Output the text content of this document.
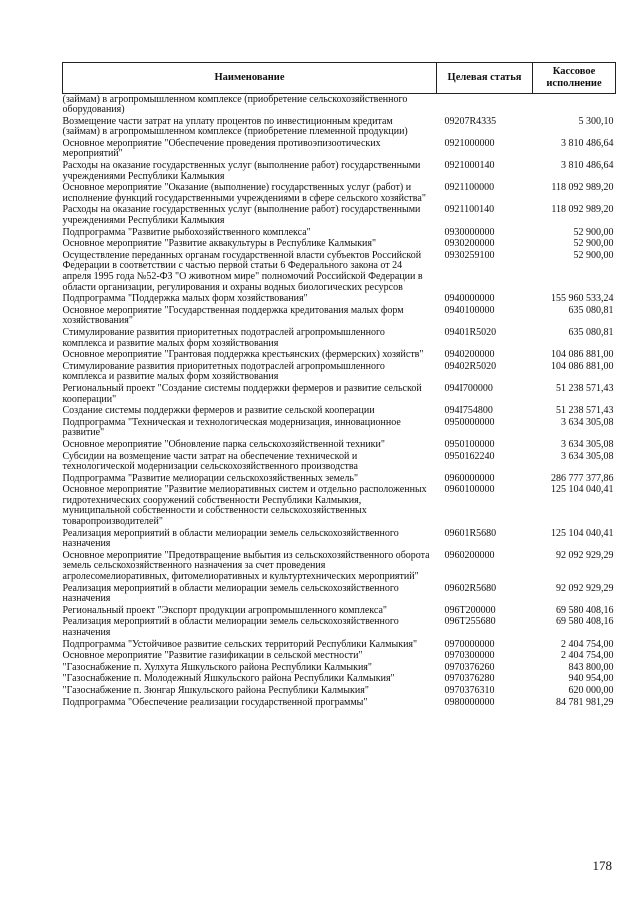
Наименование	Целевая статья	Кассовое исполнение
(займам) в агропромышленном комплексе (приобретение сельскохозяйственного оборудования)		
Возмещение части затрат на уплату процентов по инвестиционным кредитам (займам) в агропромышленном комплексе (приобретение племенной продукции)	09207R4335	5 300,10
Основное мероприятие "Обеспечение проведения противоэпизоотических мероприятий"	0921000000	3 810 486,64
Расходы на оказание государственных услуг (выполнение работ) государственными учреждениями Республики Калмыкия	0921000140	3 810 486,64
Основное мероприятие "Оказание (выполнение) государственных услуг (работ) и исполнение функций государственными учреждениями в сфере сельского хозяйства"	0921100000	118 092 989,20
Расходы на оказание государственных услуг (выполнение работ) государственными учреждениями Республики Калмыкия	0921100140	118 092 989,20
Подпрограмма "Развитие рыбохозяйственного комплекса"	0930000000	52 900,00
Основное мероприятие "Развитие аквакультуры в Республике Калмыкия"	0930200000	52 900,00
Осуществление переданных органам государственной власти субъектов Российской Федерации в соответствии с частью первой статьи 6 Федерального закона от 24 апреля 1995 года №52-ФЗ "О животном мире" полномочий Российской Федерации в области организации, регулирования и охраны водных биологических ресурсов	0930259100	52 900,00
Подпрограмма "Поддержка малых форм хозяйствования"	0940000000	155 960 533,24
Основное мероприятие "Государственная поддержка кредитования малых форм хозяйствования"	0940100000	635 080,81
Стимулирование развития приоритетных подотраслей агропромышленного комплекса и развитие малых форм хозяйствования	09401R5020	635 080,81
Основное мероприятие "Грантовая поддержка крестьянских (фермерских) хозяйств"	0940200000	104 086 881,00
Стимулирование развития приоритетных подотраслей агропромышленного комплекса и развитие малых форм хозяйствования	09402R5020	104 086 881,00
Региональный проект "Создание системы поддержки фермеров и развитие сельской кооперации"	094I700000	51 238 571,43
Создание системы поддержки фермеров и развитие сельской кооперации	094I754800	51 238 571,43
Подпрограмма "Техническая и технологическая модернизация, инновационное развитие"	0950000000	3 634 305,08
Основное мероприятие "Обновление парка сельскохозяйственной техники"	0950100000	3 634 305,08
Субсидии на возмещение части затрат на обеспечение технической и технологической модернизации сельскохозяйственного производства	0950162240	3 634 305,08
Подпрограмма "Развитие мелиорации сельскохозяйственных земель"	0960000000	286 777 377,86
Основное мероприятие "Развитие мелиоративных систем и отдельно расположенных гидротехнических сооружений собственности Республики Калмыкия, муниципальной собственности и собственности сельскохозяйственных товаропроизводителей"	0960100000	125 104 040,41
Реализация мероприятий в области мелиорации земель сельскохозяйственного назначения	09601R5680	125 104 040,41
Основное мероприятие "Предотвращение выбытия из сельскохозяйственного оборота земель сельскохозяйственного назначения за счет проведения агролесомелиоративных, фитомелиоративных и культуртехнических мероприятий"	0960200000	92 092 929,29
Реализация мероприятий в области мелиорации земель сельскохозяйственного назначения	09602R5680	92 092 929,29
Региональный проект "Экспорт продукции агропромышленного комплекса"	096T200000	69 580 408,16
Реализация мероприятий в области мелиорации земель сельскохозяйственного назначения	096T255680	69 580 408,16
Подпрограмма "Устойчивое развитие сельских территорий Республики Калмыкия"	0970000000	2 404 754,00
Основное мероприятие "Развитие газификации в сельской местности"	0970300000	2 404 754,00
"Газоснабжение п. Хулхута Яшкульского района Республики Калмыкия"	0970376260	843 800,00
"Газоснабжение п. Молодежный Яшкульского района Республики Калмыкия"	0970376280	940 954,00
"Газоснабжение п. Зюнгар Яшкульского района Республики Калмыкия"	0970376310	620 000,00
Подпрограмма "Обеспечение реализации государственной программы"	0980000000	84 781 981,29
178
